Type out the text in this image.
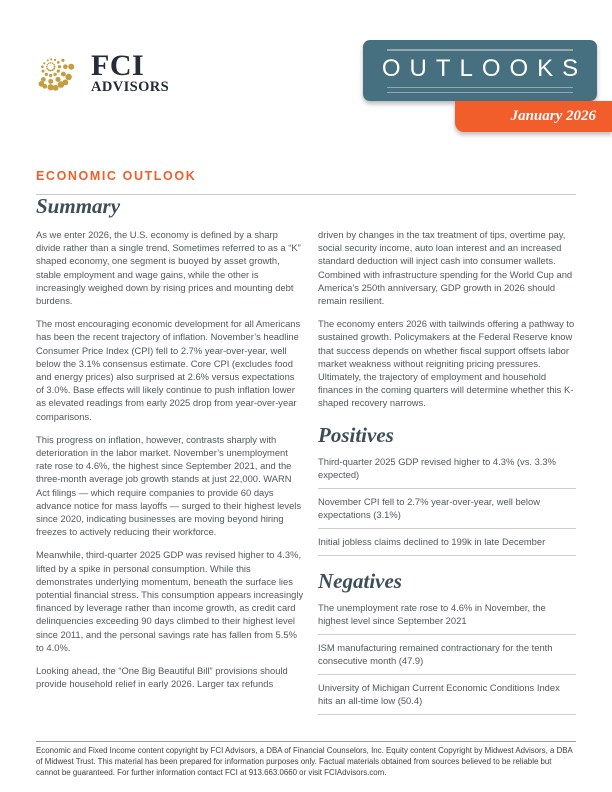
FCI
ADVISORS
OUTLOOKS
January 2026
ECONOMIC OUTLOOK
Summary

As we enter 2026, the U.S. economy is defined by a sharp divide rather than a single trend. Sometimes referred to as a “K” shaped economy, one segment is buoyed by asset growth, stable employment and wage gains, while the other is increasingly weighed down by rising prices and mounting debt burdens.

The most encouraging economic development for all Americans has been the recent trajectory of inflation. November’s headline Consumer Price Index (CPI) fell to 2.7% year-over-year, well below the 3.1% consensus estimate. Core CPI (excludes food and energy prices) also surprised at 2.6% versus expectations of 3.0%. Base effects will likely continue to push inflation lower as elevated readings from early 2025 drop from year-over-year comparisons.

This progress on inflation, however, contrasts sharply with deterioration in the labor market. November’s unemployment rate rose to 4.6%, the highest since September 2021, and the three-month average job growth stands at just 22,000. WARN Act filings — which require companies to provide 60 days advance notice for mass layoffs — surged to their highest levels since 2020, indicating businesses are moving beyond hiring freezes to actively reducing their workforce.

Meanwhile, third-quarter 2025 GDP was revised higher to 4.3%, lifted by a spike in personal consumption. While this demonstrates underlying momentum, beneath the surface lies potential financial stress. This consumption appears increasingly financed by leverage rather than income growth, as credit card delinquencies exceeding 90 days climbed to their highest level since 2011, and the personal savings rate has fallen from 5.5% to 4.0%.

Looking ahead, the “One Big Beautiful Bill” provisions should provide household relief in early 2026. Larger tax refunds

driven by changes in the tax treatment of tips, overtime pay, social security income, auto loan interest and an increased standard deduction will inject cash into consumer wallets. Combined with infrastructure spending for the World Cup and America’s 250th anniversary, GDP growth in 2026 should remain resilient.

The economy enters 2026 with tailwinds offering a pathway to sustained growth. Policymakers at the Federal Reserve know that success depends on whether fiscal support offsets labor market weakness without reigniting pricing pressures. Ultimately, the trajectory of employment and household finances in the coming quarters will determine whether this K-shaped recovery narrows.

Positives
Third-quarter 2025 GDP revised higher to 4.3% (vs. 3.3% expected)
November CPI fell to 2.7% year-over-year, well below expectations (3.1%)
Initial jobless claims declined to 199k in late December
Negatives
The unemployment rate rose to 4.6% in November, the highest level since September 2021
ISM manufacturing remained contractionary for the tenth consecutive month (47.9)
University of Michigan Current Economic Conditions Index hits an all-time low (50.4)
Economic and Fixed Income content copyright by FCI Advisors, a DBA of Financial Counselors, Inc. Equity content Copyright by Midwest Advisors, a DBA of Midwest Trust. This material has been prepared for information purposes only. Factual materials obtained from sources believed to be reliable but cannot be guaranteed. For further information contact FCI at 913.663.0660 or visit FCIAdvisors.com.
